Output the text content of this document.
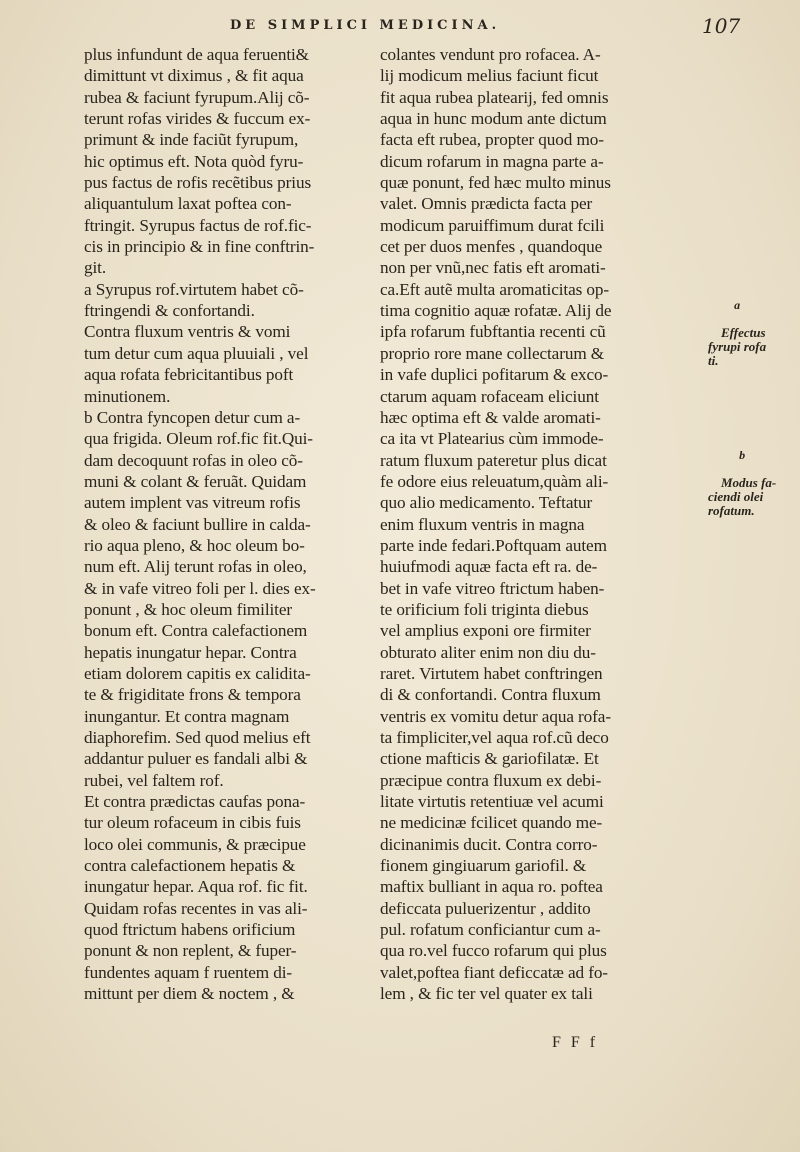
DE SIMPLICI MEDICINA.	107
plus infundunt de aqua feruenti&
dimittunt vt diximus , & fit aqua
rubea & faciunt fyrupum.Alij cõ-
terunt rofas virides & fuccum ex-
primunt & inde faciũt fyrupum,
hic optimus eft. Nota quòd fyru-
pus factus de rofis recẽtibus prius
aliquantulum laxat poftea con-
ftringit. Syrupus factus de rof.fic-
cis in principio & in fine conftrin-
git.
a Syrupus rof.virtutem habet cõ-
ftringendi & confortandi.
Contra fluxum ventris & vomi
tum detur cum aqua pluuiali , vel
aqua rofata febricitantibus poft
minutionem.
b Contra fyncopen detur cum a-
qua frigida. Oleum rof.fic fit.Qui-
dam decoquunt rofas in oleo cõ-
muni & colant & feruãt. Quidam
autem implent vas vitreum rofis
& oleo & faciunt bullire in calda-
rio aqua pleno, & hoc oleum bo-
num eft. Alij terunt rofas in oleo,
& in vafe vitreo foli per l. dies ex-
ponunt , & hoc oleum fimiliter
bonum eft. Contra calefactionem
hepatis inungatur hepar. Contra
etiam dolorem capitis ex calidita-
te & frigiditate frons & tempora
inungantur. Et contra magnam
diaphorefim. Sed quod melius eft
addantur puluer es fandali albi &
rubei, vel faltem rof.
Et contra prædictas caufas pona-
tur oleum rofaceum in cibis fuis
loco olei communis, & præcipue
contra calefactionem hepatis &
inungatur hepar. Aqua rof. fic fit.
Quidam rofas recentes in vas ali-
quod ftrictum habens orificium
ponunt & non replent, & fuper-
fundentes aquam f ruentem di-
mittunt per diem & noctem , &
colantes vendunt pro rofacea. A-
lij modicum melius faciunt ficut
fit aqua rubea platearij, fed omnis
aqua in hunc modum ante dictum
facta eft rubea, propter quod mo-
dicum rofarum in magna parte a-
quæ ponunt, fed hæc multo minus
valet. Omnis prædicta facta per
modicum paruiffimum durat fcili
cet per duos menfes , quandoque
non per vnũ,nec fatis eft aromati-
ca.Eft autẽ multa aromaticitas op-
tima cognitio aquæ rofatæ. Alij de
ipfa rofarum fubftantia recenti cũ
proprio rore mane collectarum &
in vafe duplici pofitarum & exco-
ctarum aquam rofaceam eliciunt
hæc optima eft & valde aromati-
ca ita vt Platearius cùm immode-
ratum fluxum pateretur plus dicat
fe odore eius releuatum,quàm ali-
quo alio medicamento. Teftatur
enim fluxum ventris in magna
parte inde fedari.Poftquam autem
huiufmodi aquæ facta eft ra. de-
bet in vafe vitreo ftrictum haben-
te orificium foli triginta diebus
vel amplius exponi ore firmiter
obturato aliter enim non diu du-
raret. Virtutem habet conftringen
di & confortandi. Contra fluxum
ventris ex vomitu detur aqua rofa-
ta fimpliciter,vel aqua rof.cũ deco
ctione mafticis & gariofilatæ. Et
præcipue contra fluxum ex debi-
litate virtutis retentiuæ vel acumi
ne medicinæ fcilicet quando me-
dicinanimis ducit. Contra corro-
fionem gingiuarum gariofil. &
maftix bulliant in aqua ro. poftea
deficcata puluerizentur , addito
pul. rofatum conficiantur cum a-
qua ro.vel fucco rofarum qui plus
valet,poftea fiant deficcatæ ad fo-
lem , & fic ter vel quater ex tali

a

Effectus
fyrupi rofa
ti.

b

Modus fa-
ciendi olei
rofatum.

F F f
